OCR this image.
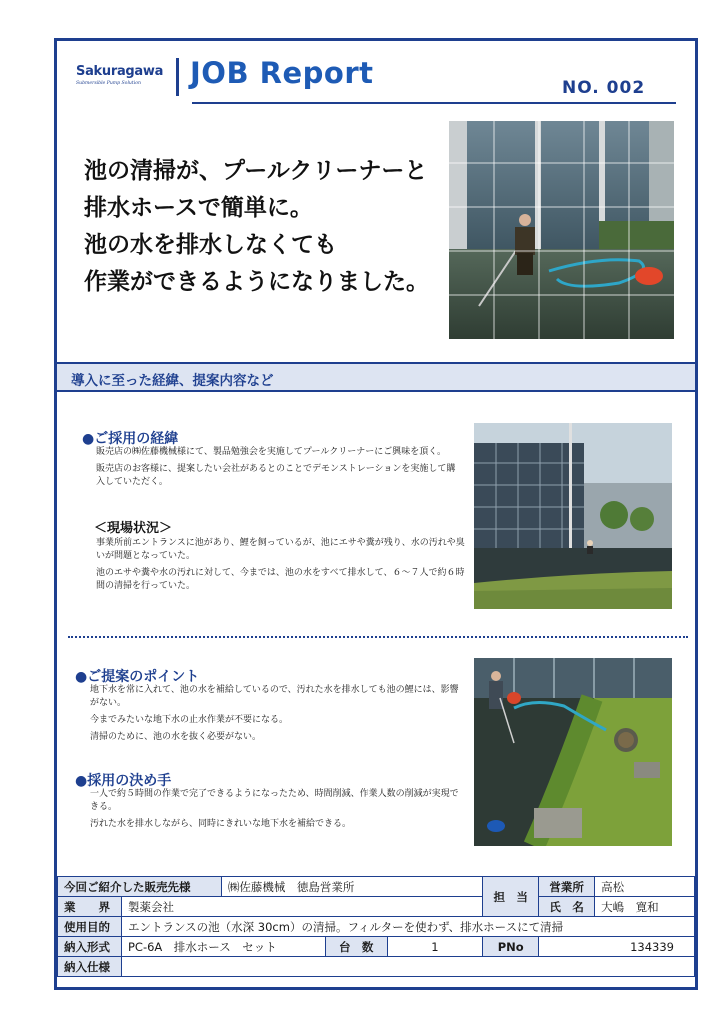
Sakuragawa
Submersible Pump Solution JOB Report	NO. 002
池の清掃が、プールクリーナーと
排水ホースで簡単に。
池の水を排水しなくても
作業ができるようになりました。
導入に至った経緯、提案内容など
●ご採用の経緯

販売店の㈱佐藤機械様にて、製品勉強会を実施してプールクリーナーにご興味を頂く。

販売店のお客様に、提案したい会社があるとのことでデモンストレーションを実施して購入していただく。

＜現場状況＞

事業所前エントランスに池があり、鯉を飼っているが、池にエサや糞が残り、水の汚れや臭いが問題となっていた。

池のエサや糞や水の汚れに対して、今までは、池の水をすべて排水して、６～７人で約６時間の清掃を行っていた。

●ご提案のポイント

地下水を常に入れて、池の水を補給しているので、汚れた水を排水しても池の鯉には、影響がない。

今までみたいな地下水の止水作業が不要になる。

清掃のために、池の水を抜く必要がない。

●採用の決め手

一人で約５時間の作業で完了できるようになったため、時間削減、作業人数の削減が実現できる。

汚れた水を排水しながら、同時にきれいな地下水を補給できる。

今回ご紹介した販売先様		㈱佐藤機械　徳島営業所			担　当	営業所	高松
業　　界	製薬会社					氏　名	大嶋　寛和
使用目的	エントランスの池（水深 30cm）の清掃。フィルターを使わず、排水ホースにて清掃						
納入形式	PC-6A　排水ホース　セット		台　数	1	PNo	134339	
納入仕様							
